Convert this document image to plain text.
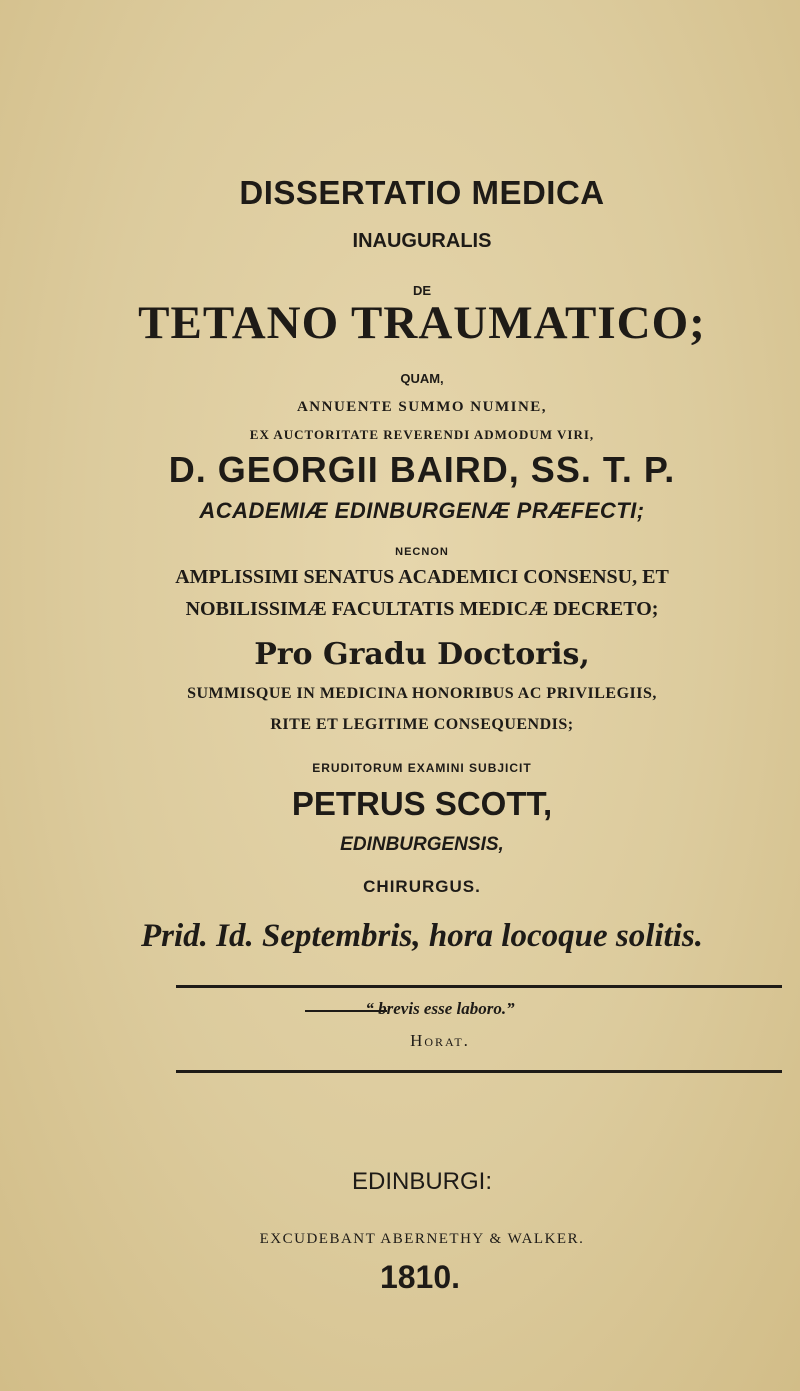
DISSERTATIO MEDICA
INAUGURALIS
DE
TETANO TRAUMATICO;
QUAM,
ANNUENTE SUMMO NUMINE,
EX AUCTORITATE REVERENDI ADMODUM VIRI,
D. GEORGII BAIRD, SS. T. P.
ACADEMIÆ EDINBURGENÆ PRÆFECTI;
NECNON
AMPLISSIMI SENATUS ACADEMICI CONSENSU, ET
NOBILISSIMÆ FACULTATIS MEDICÆ DECRETO;
Pro Gradu Doctoris,
SUMMISQUE IN MEDICINA HONORIBUS AC PRIVILEGIIS,
RITE ET LEGITIME CONSEQUENDIS;
ERUDITORUM EXAMINI SUBJICIT
PETRUS SCOTT,
EDINBURGENSIS,
CHIRURGUS.
Prid. Id. Septembris, hora locoque solitis.
“ brevis esse laboro.”
Horat.
EDINBURGI:
EXCUDEBANT ABERNETHY & WALKER.
1810.
